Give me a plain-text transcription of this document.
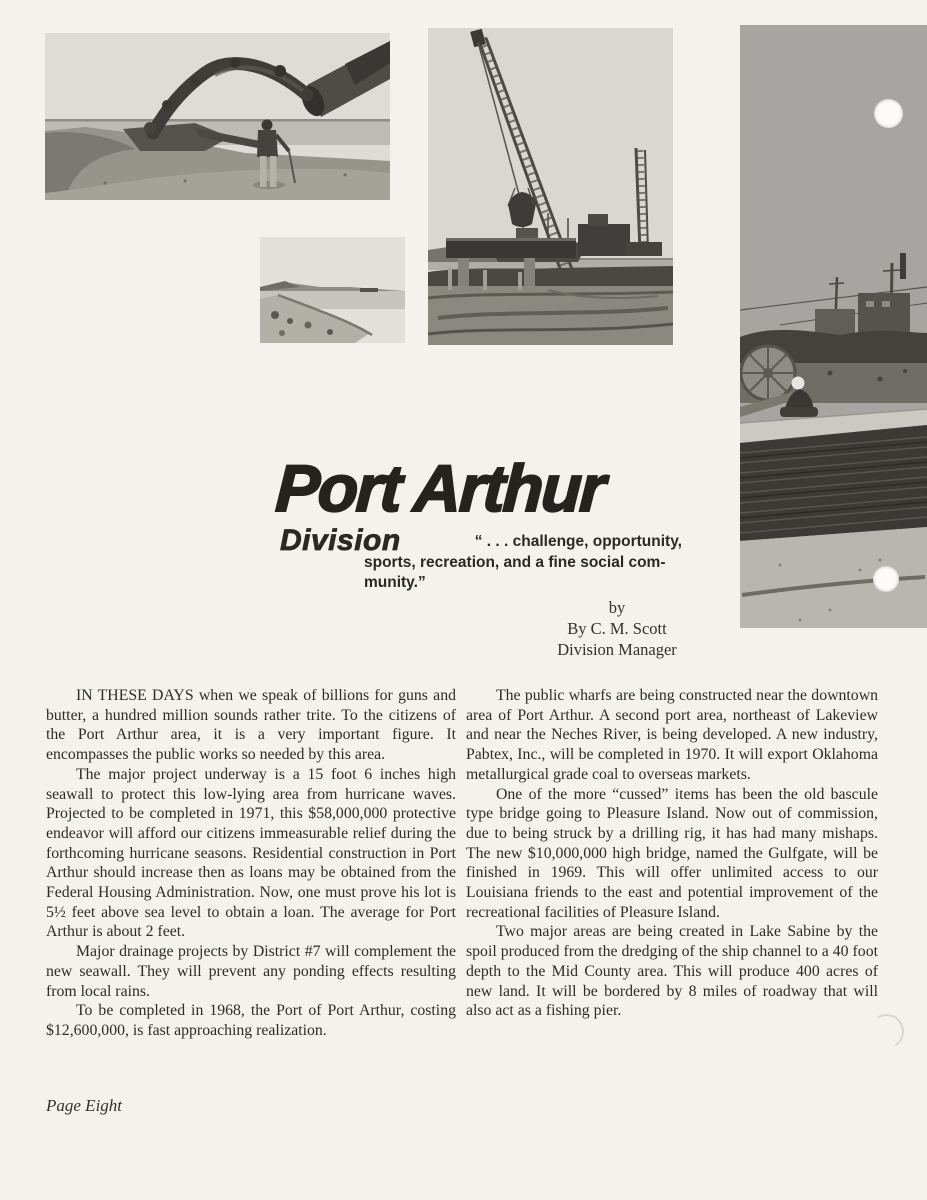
Port Arthur
Division	“ . . . challenge, opportunity,
sports, recreation, and a fine social com-
munity.”
by
By C. M. Scott
Division Manager

IN THESE DAYS when we speak of billions for guns and butter, a hundred million sounds rather trite. To the citizens of the Port Arthur area, it is a very important figure. It encompasses the public works so needed by this area.

The major project underway is a 15 foot 6 inches high seawall to protect this low-lying area from hurricane waves. Projected to be completed in 1971, this $58,000,000 protective endeavor will afford our citizens immeasurable relief during the forthcoming hurricane seasons. Residential construction in Port Arthur should increase then as loans may be obtained from the Federal Housing Administration. Now, one must prove his lot is 5½ feet above sea level to obtain a loan. The average for Port Arthur is about 2 feet.

Major drainage projects by District #7 will complement the new seawall. They will prevent any ponding effects resulting from local rains.

To be completed in 1968, the Port of Port Arthur, costing $12,600,000, is fast approaching realization.

The public wharfs are being constructed near the downtown area of Port Arthur. A second port area, northeast of Lakeview and near the Neches River, is being developed. A new industry, Pabtex, Inc., will be completed in 1970. It will export Oklahoma metallurgical grade coal to overseas markets.

One of the more “cussed” items has been the old bascule type bridge going to Pleasure Island. Now out of commission, due to being struck by a drilling rig, it has had many mishaps. The new $10,000,000 high bridge, named the Gulfgate, will be finished in 1969. This will offer unlimited access to our Louisiana friends to the east and potential improvement of the recreational facilities of Pleasure Island.

Two major areas are being created in Lake Sabine by the spoil produced from the dredging of the ship channel to a 40 foot depth to the Mid County area. This will produce 400 acres of new land. It will be bordered by 8 miles of roadway that will also act as a fishing pier.

Page Eight
